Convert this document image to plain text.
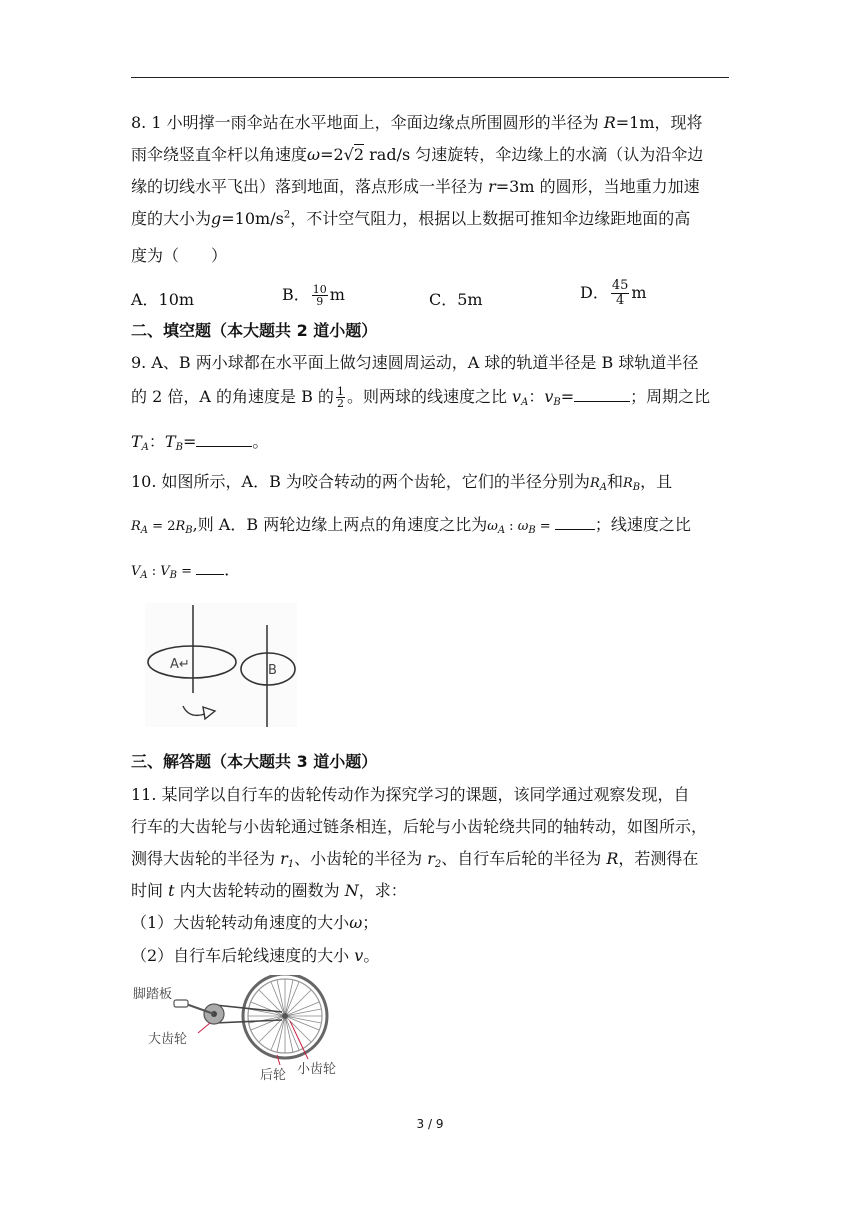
8. 1 小明撑一雨伞站在水平地面上，伞面边缘点所围圆形的半径为 R=1m，现将
雨伞绕竖直伞杆以角速度ω=2√2 rad/s 匀速旋转，伞边缘上的水滴（认为沿伞边
缘的切线水平飞出）落到地面，落点形成一半径为 r=3m 的圆形，当地重力加速
度的大小为$g=10m/s^2$，不计空气阻力，根据以上数据可推知伞边缘距地面的高
度为（　　）
A．10m	B． $\frac{10}{9}$ m	C．5m	D． $\frac{45}{4}$ m
二、填空题（本大题共 2 道小题）
9. A、B 两小球都在水平面上做匀速圆周运动，A 球的轨道半径是 B 球轨道半径
的 2 倍，A 的角速度是 B 的 $\frac{1}{2}$ 。则两球的线速度之比 $v_A$：$v_B=$	；周期之比
$T_A$：$T_B=$	。
10. 如图所示，A．B 为咬合转动的两个齿轮，它们的半径分别为$R_A$和$R_B$，且
$R_A = 2R_B$,则 A．B 两轮边缘上两点的角速度之比为$\omega_A$ : $\omega_B$ =	；线速度之比
$V_A$ : $V_B$ = ．
A↵	B
三、解答题（本大题共 3 道小题）
11. 某同学以自行车的齿轮传动作为探究学习的课题，该同学通过观察发现，自
行车的大齿轮与小齿轮通过链条相连，后轮与小齿轮绕共同的轴转动，如图所示，
测得大齿轮的半径为 $r_1$、小齿轮的半径为 $r_2$、自行车后轮的半径为 R，若测得在
时间 t 内大齿轮转动的圈数为 N，求：
（1）大齿轮转动角速度的大小ω；
（2）自行车后轮线速度的大小 v。
脚踏板
大齿轮
后轮 小齿轮
3 / 9
